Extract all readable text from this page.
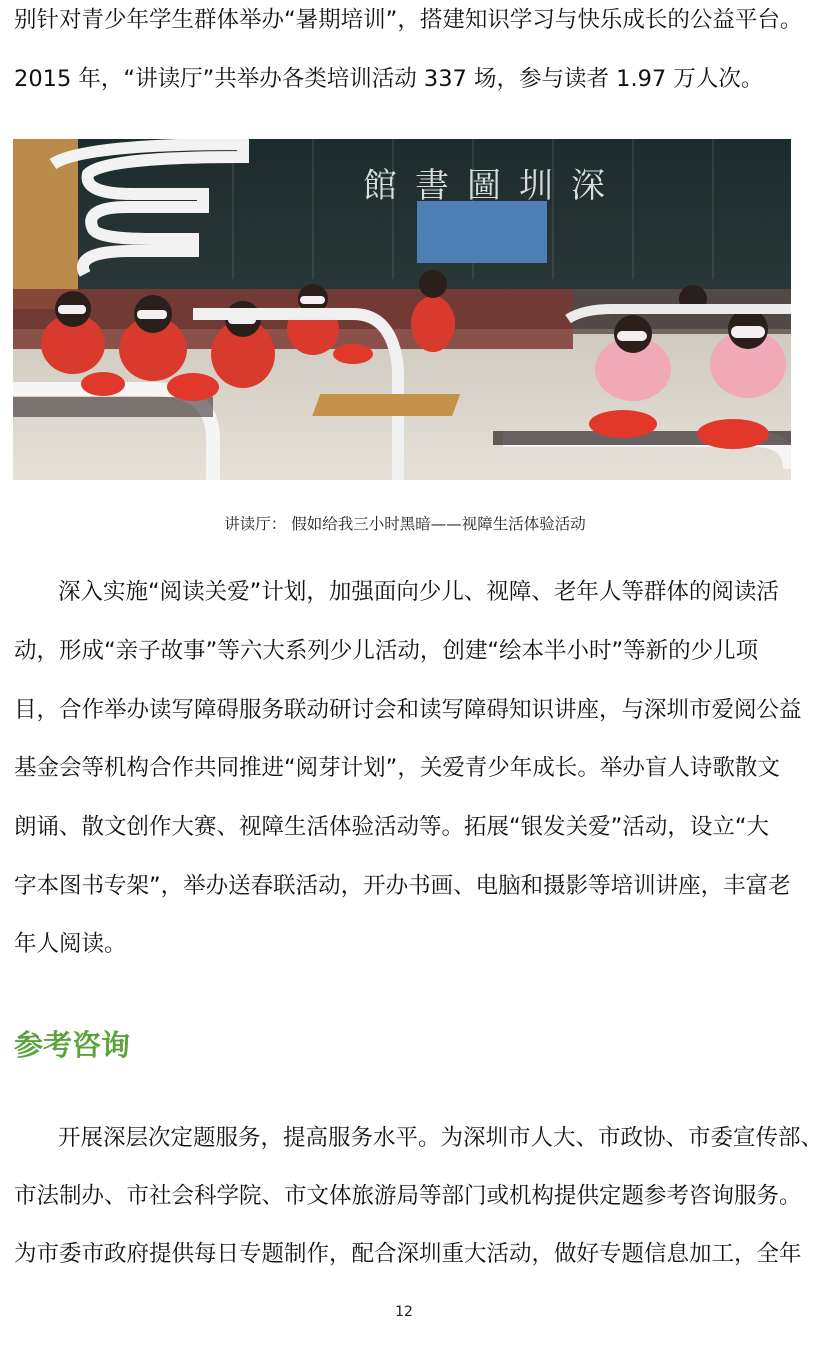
别针对青少年学生群体举办“暑期培训”，搭建知识学习与快乐成长的公益平台。
2015 年，“讲读厅”共举办各类培训活动 337 场，参与读者 1.97 万人次。
館書圖圳深
讲读厅： 假如给我三小时黑暗——视障生活体验活动
深入实施“阅读关爱”计划，加强面向少儿、视障、老年人等群体的阅读活
动，形成“亲子故事”等六大系列少儿活动，创建“绘本半小时”等新的少儿项
目，合作举办读写障碍服务联动研讨会和读写障碍知识讲座，与深圳市爱阅公益
基金会等机构合作共同推进“阅芽计划”，关爱青少年成长。举办盲人诗歌散文
朗诵、散文创作大赛、视障生活体验活动等。拓展“银发关爱”活动，设立“大
字本图书专架”，举办送春联活动，开办书画、电脑和摄影等培训讲座，丰富老
年人阅读。
参考咨询
开展深层次定题服务，提高服务水平。为深圳市人大、市政协、市委宣传部、
市法制办、市社会科学院、市文体旅游局等部门或机构提供定题参考咨询服务。
为市委市政府提供每日专题制作，配合深圳重大活动，做好专题信息加工，全年
12
